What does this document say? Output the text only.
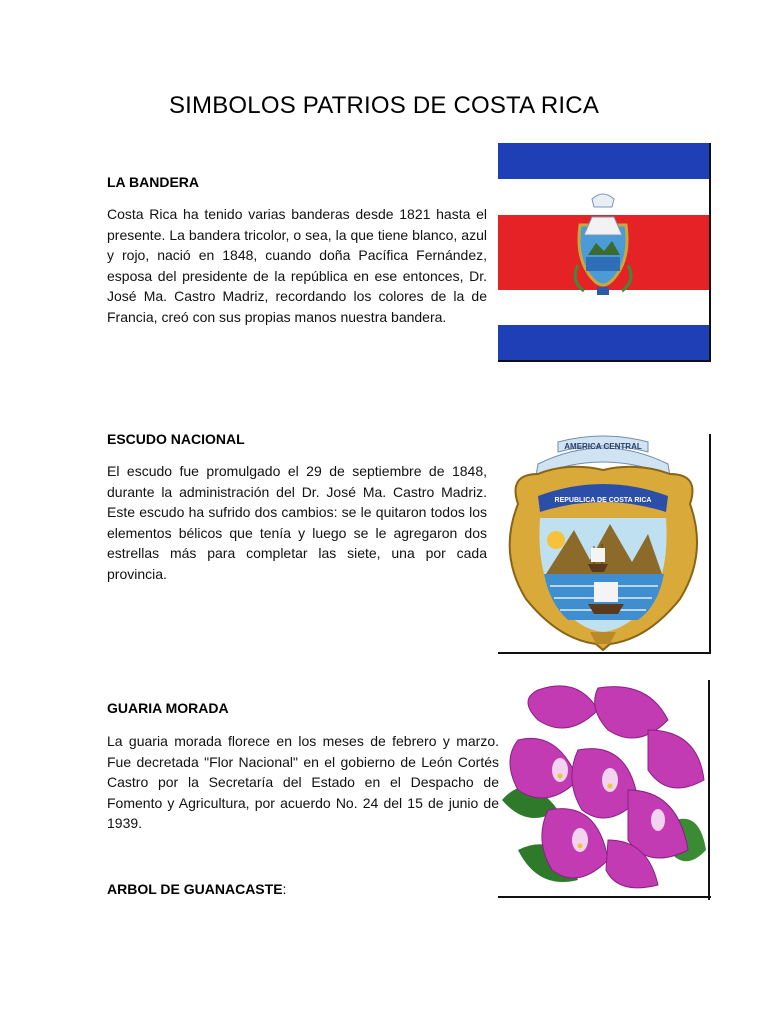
SIMBOLOS PATRIOS DE COSTA RICA
LA BANDERA
Costa Rica ha tenido varias banderas desde 1821 hasta el presente. La bandera tricolor, o sea, la que tiene blanco, azul y rojo, nació en 1848, cuando doña Pacífica Fernández, esposa del presidente de la república en ese entonces, Dr. José Ma. Castro Madriz, recordando los colores de la de Francia, creó con sus propias manos nuestra bandera.
ESCUDO NACIONAL
El escudo fue promulgado el 29 de septiembre de 1848, durante la administración del Dr. José Ma. Castro Madriz. Este escudo ha sufrido dos cambios: se le quitaron todos los elementos bélicos que tenía y luego se le agregaron dos estrellas más para completar las siete, una por cada provincia.
AMERICA CENTRAL
REPUBLICA DE COSTA RICA
GUARIA MORADA
La guaria morada florece en los meses de febrero y marzo. Fue decretada "Flor Nacional" en el gobierno de León Cortés Castro por la Secretaría del Estado en el Despacho de Fomento y Agricultura, por acuerdo No. 24 del 15 de junio de 1939.
ARBOL DE GUANACASTE:
